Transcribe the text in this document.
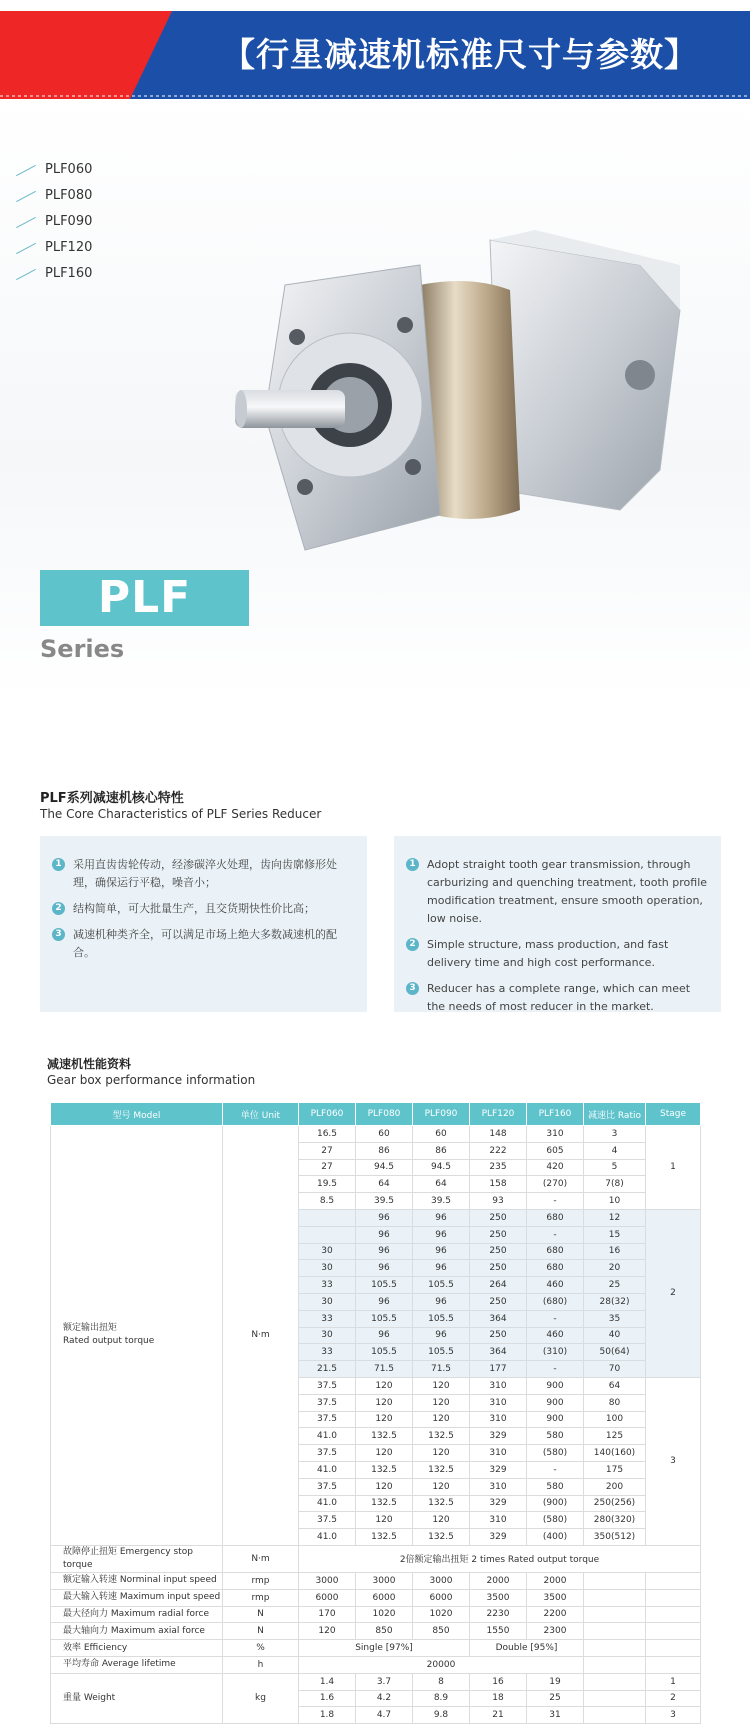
【行星减速机标准尺寸与参数】
PLF060
PLF080
PLF090
PLF120
PLF160
PLF
Series
PLF系列减速机核心特性
The Core Characteristics of PLF Series Reducer
1	采用直齿齿轮传动，经渗碳淬火处理，齿向齿廓修形处理，确保运行平稳，噪音小；
2	结构简单，可大批量生产，且交货期快性价比高；
3	减速机种类齐全，可以满足市场上绝大多数减速机的配合。
1	Adopt straight tooth gear transmission, through carburizing and quenching treatment, tooth profile modification treatment, ensure smooth operation, low noise.
2	Simple structure, mass production, and fast delivery time and high cost performance.
3	Reducer has a complete range, which can meet the needs of most reducer in the market.
减速机性能资料
Gear box performance information
型号 Model	单位 Unit	PLF060	PLF080	PLF090	PLF120	PLF160	减速比 Ratio	Stage

额定输出扭矩
Rated output torque	N·m	16.5	60	60	148	310	3	1
		27	86	86	222	605	4	
		27	94.5	94.5	235	420	5	
		19.5	64	64	158	(270)	7(8)	
		8.5	39.5	39.5	93	-	10	
			96	96	250	680	12	2
			96	96	250	-	15	
		30	96	96	250	680	16	
		30	96	96	250	680	20	
		33	105.5	105.5	264	460	25	
		30	96	96	250	(680)	28(32)	
		33	105.5	105.5	364	-	35	
		30	96	96	250	460	40	
		33	105.5	105.5	364	(310)	50(64)	
		21.5	71.5	71.5	177	-	70	
		37.5	120	120	310	900	64	3
		37.5	120	120	310	900	80	
		37.5	120	120	310	900	100	
		41.0	132.5	132.5	329	580	125	
		37.5	120	120	310	(580)	140(160)	
		41.0	132.5	132.5	329	-	175	
		37.5	120	120	310	580	200	
		41.0	132.5	132.5	329	(900)	250(256)	
		37.5	120	120	310	(580)	280(320)	
		41.0	132.5	132.5	329	(400)	350(512)	
故障停止扭矩 Emergency stop torque	N·m	2倍额定输出扭矩 2 times Rated output torque						
额定输入转速 Norminal input speed	rmp	3000	3000	3000	2000	2000		
最大输入转速 Maximum input speed	rmp	6000	6000	6000	3500	3500		
最大径向力 Maximum radial force	N	170	1020	1020	2230	2200		
最大轴向力 Maximum axial force	N	120	850	850	1550	2300		
效率 Efficiency	%	Single [97%]			Double [95%]			
平均寿命 Average lifetime	h	20000						
重量 Weight	kg	1.4	3.7	8	16	19		1
		1.6	4.2	8.9	18	25		2
		1.8	4.7	9.8	21	31		3
